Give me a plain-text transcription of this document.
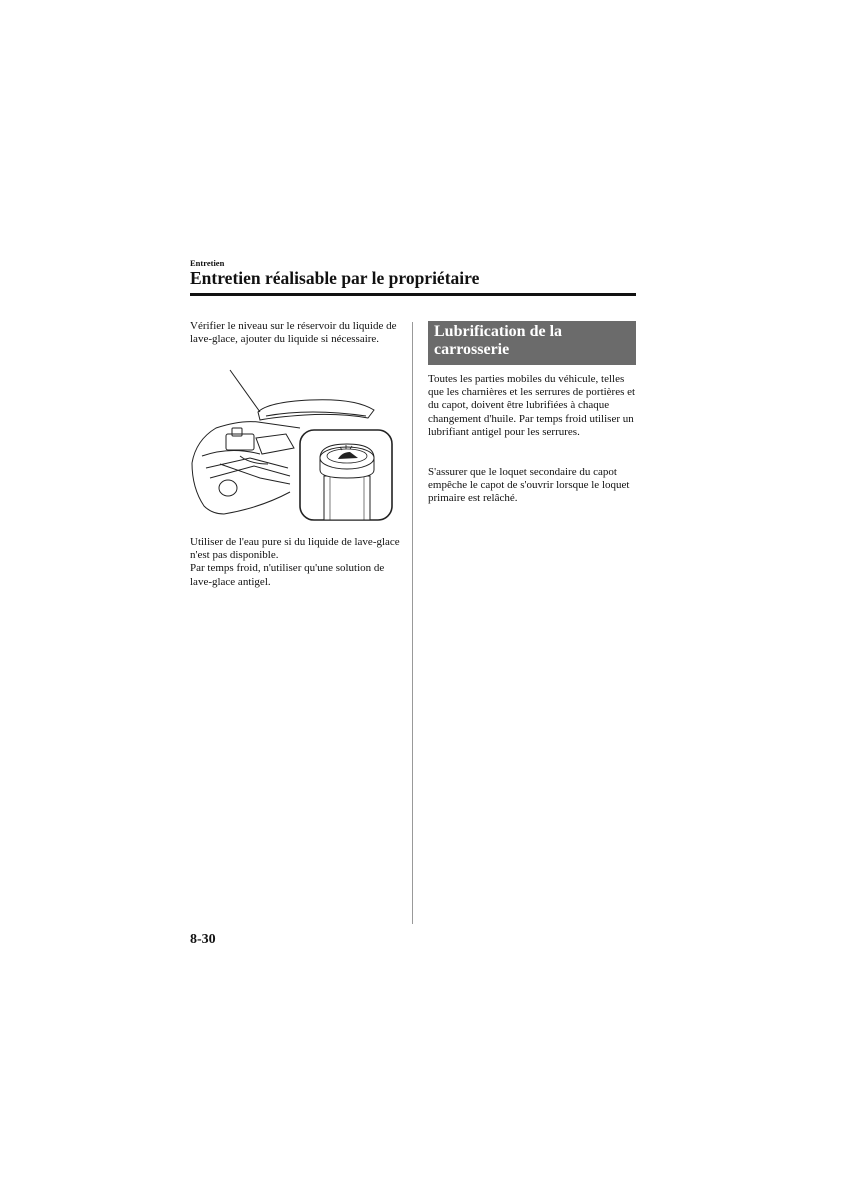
Entretien
Entretien réalisable par le propriétaire

Vérifier le niveau sur le réservoir du liquide de lave-glace, ajouter du liquide si nécessaire.

Utiliser de l'eau pure si du liquide de lave-glace n'est pas disponible.

Par temps froid, n'utiliser qu'une solution de lave-glace antigel.

Lubrification de la carrosserie

Toutes les parties mobiles du véhicule, telles que les charnières et les serrures de portières et du capot, doivent être lubrifiées à chaque changement d'huile. Par temps froid utiliser un lubrifiant antigel pour les serrures.

S'assurer que le loquet secondaire du capot empêche le capot de s'ouvrir lorsque le loquet primaire est relâché.

8-30
